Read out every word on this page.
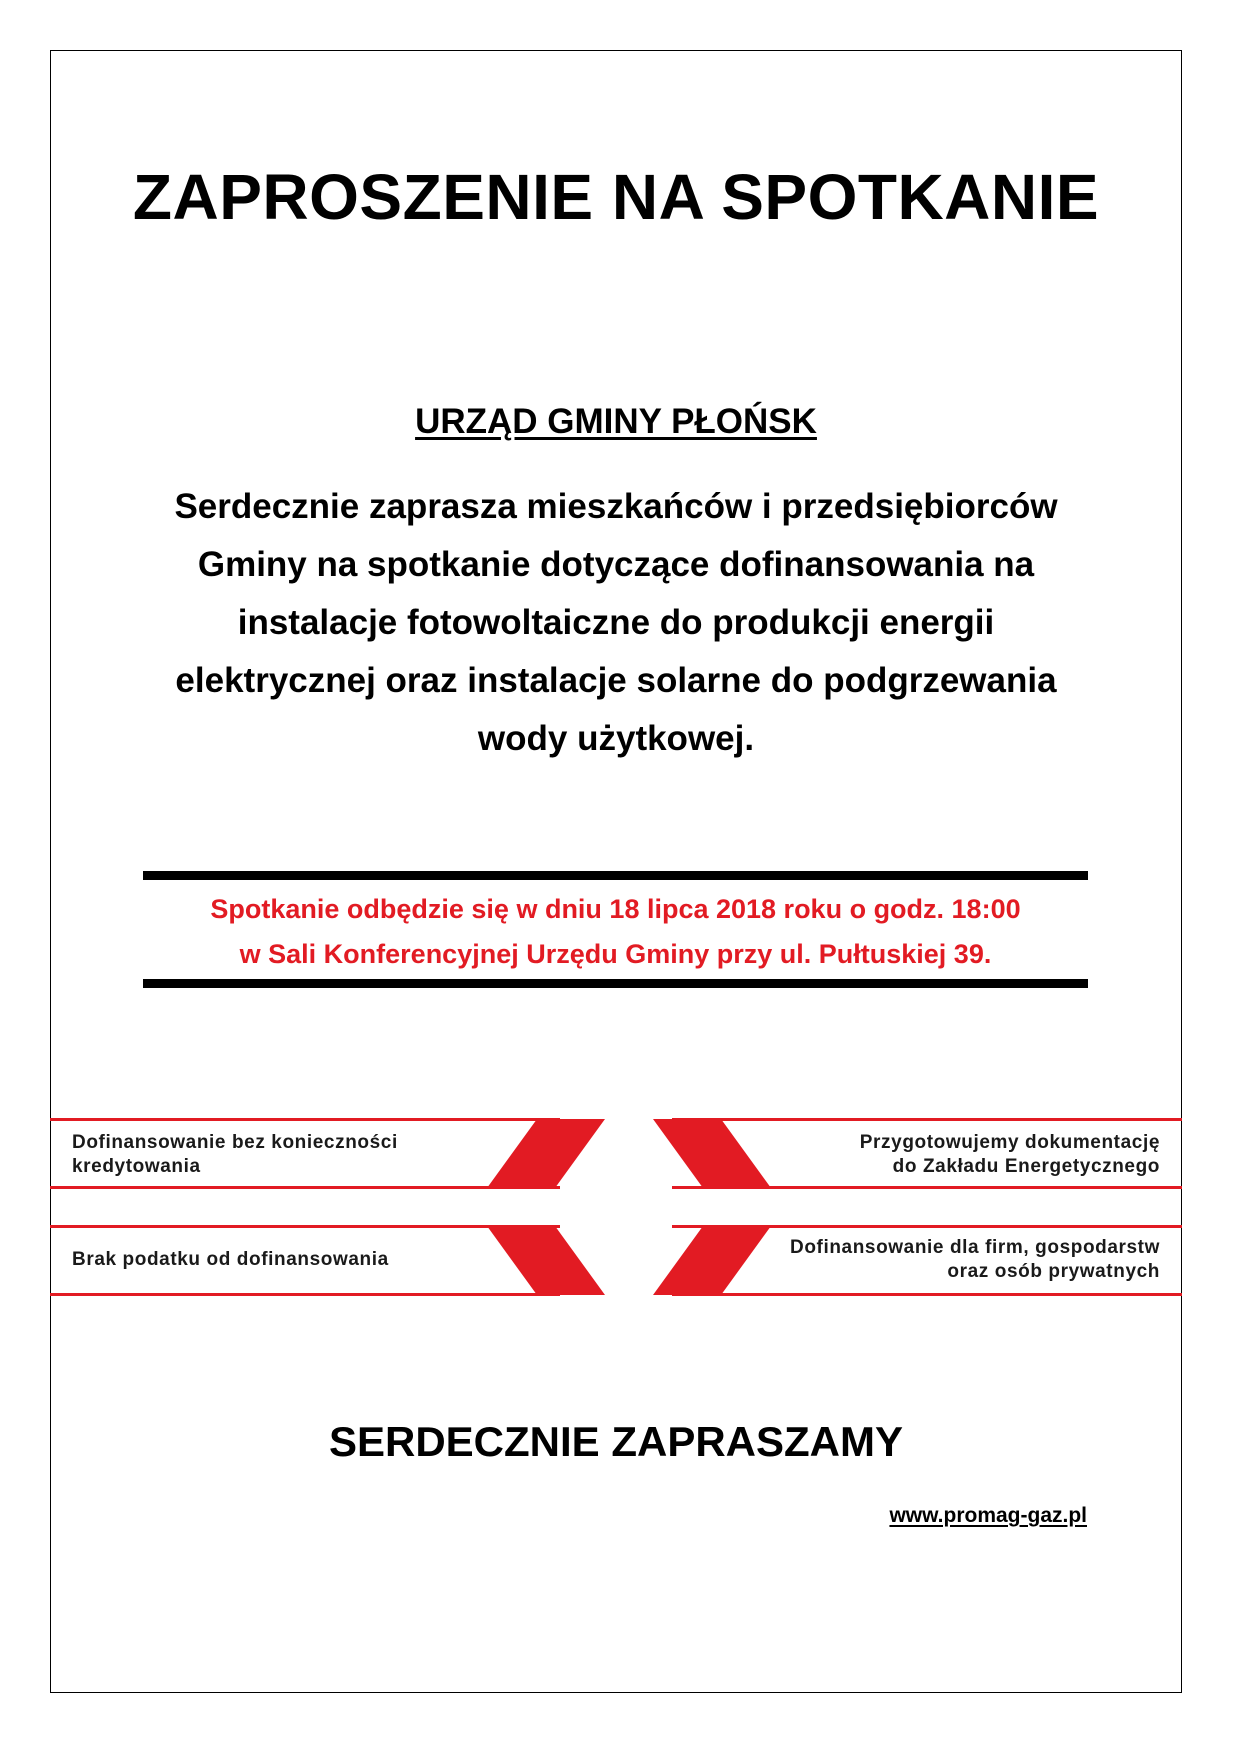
ZAPROSZENIE NA SPOTKANIE

URZĄD GMINY PŁOŃSK

Serdecznie zaprasza mieszkańców i przedsiębiorców
Gminy na spotkanie dotyczące dofinansowania na
instalacje fotowoltaiczne do produkcji energii
elektrycznej oraz instalacje solarne do podgrzewania
wody użytkowej.

Spotkanie odbędzie się w dniu 18 lipca 2018 roku o godz. 18:00
w Sali Konferencyjnej Urzędu Gminy przy ul. Pułtuskiej 39.

Dofinansowanie bez konieczności
kredytowania

Przygotowujemy dokumentację
do Zakładu Energetycznego

Brak podatku od dofinansowania

Dofinansowanie dla firm, gospodarstw
oraz osób prywatnych

SERDECZNIE ZAPRASZAMY

www.promag-gaz.pl
